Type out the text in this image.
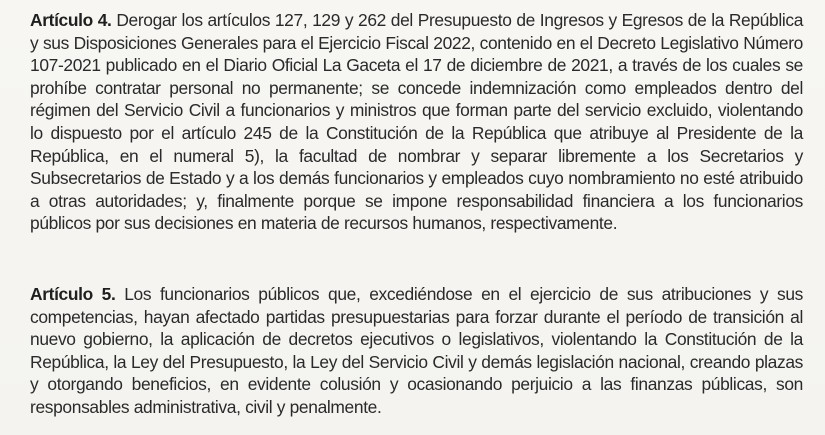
Artículo 4. Derogar los artículos 127, 129 y 262 del Presupuesto de Ingresos y Egresos de la República y sus Disposiciones Generales para el Ejercicio Fiscal 2022, contenido en el Decreto Legislativo Número 107-2021 publicado en el Diario Oficial La Gaceta el 17 de diciembre de 2021, a través de los cuales se prohíbe contratar personal no permanente; se concede indemnización como empleados dentro del régimen del Servicio Civil a funcionarios y ministros que forman parte del servicio excluido, violentando lo dispuesto por el artículo 245 de la Constitución de la República que atribuye al Presidente de la República, en el numeral 5), la facultad de nombrar y separar libremente a los Secretarios y Subsecretarios de Estado y a los demás funcionarios y empleados cuyo nombramiento no esté atribuido a otras autoridades; y, finalmente porque se impone responsabilidad financiera a los funcionarios públicos por sus decisiones en materia de recursos humanos, respectivamente.

Artículo 5. Los funcionarios públicos que, excediéndose en el ejercicio de sus atribuciones y sus competencias, hayan afectado partidas presupuestarias para forzar durante el período de transición al nuevo gobierno, la aplicación de decretos ejecutivos o legislativos, violentando la Constitución de la República, la Ley del Presupuesto, la Ley del Servicio Civil y demás legislación nacional, creando plazas y otorgando beneficios, en evidente colusión y ocasionando perjuicio a las finanzas públicas, son responsables administrativa, civil y penalmente.
